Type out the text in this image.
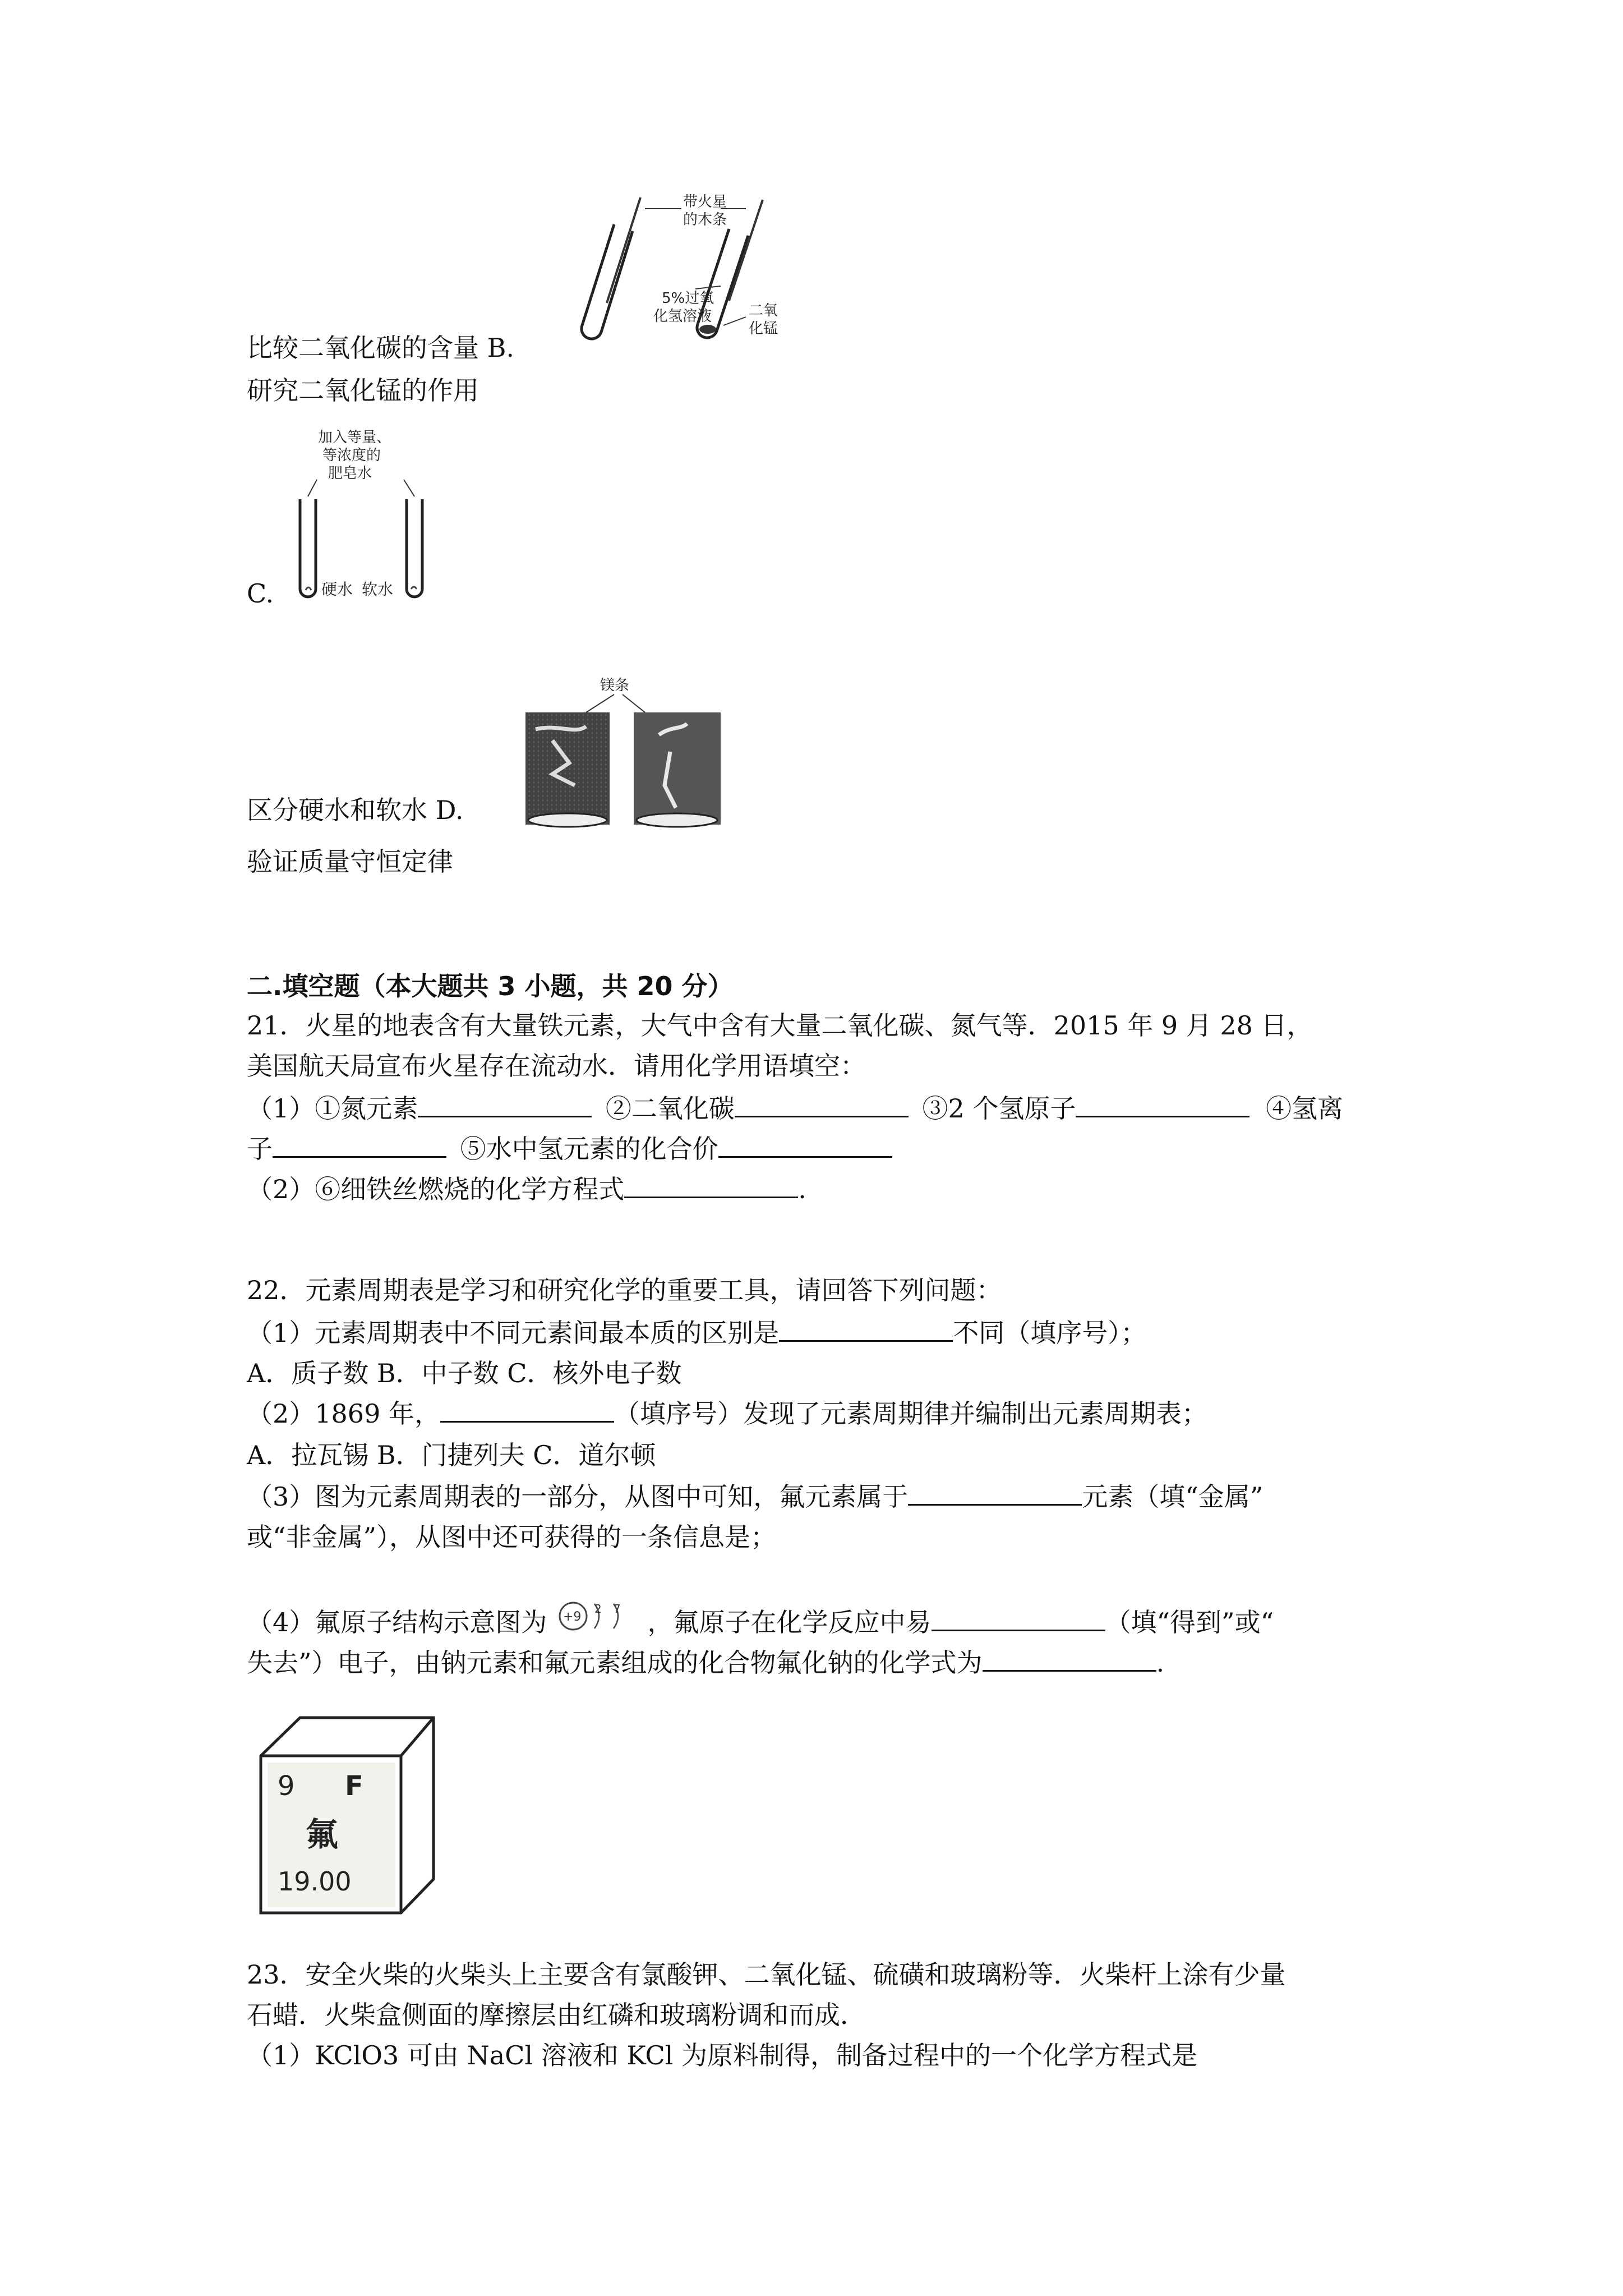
带火星
的木条
5%过氧
化氢溶液	二氧
化锰
比较二氧化碳的含量 B.
研究二氧化锰的作用
加入等量、
等浓度的
肥皂水
硬水 软水
C.
镁条
区分硬水和软水 D.
验证质量守恒定律
二.填空题（本大题共 3 小题，共 20 分）
21．火星的地表含有大量铁元素，大气中含有大量二氧化碳、氮气等．2015 年 9 月 28 日，
美国航天局宣布火星存在流动水．请用化学用语填空：
（1）①氮元素	②二氧化碳	③2 个氢原子	④氢离
子	⑤水中氢元素的化合价
（2）⑥细铁丝燃烧的化学方程式	.
22．元素周期表是学习和研究化学的重要工具，请回答下列问题：
（1）元素周期表中不同元素间最本质的区别是	不同（填序号）；
A．质子数 B．中子数 C．核外电子数
（2）1869 年，	（填序号）发现了元素周期律并编制出元素周期表；
A．拉瓦锡 B．门捷列夫 C．道尔顿
（3）图为元素周期表的一部分，从图中可知，氟元素属于	元素（填“金属”
或“非金属”），从图中还可获得的一条信息是；
（4）氟原子结构示意图为 +9
2 7 ，氟原子在化学反应中易	（填“得到”或“
失去”）电子，由钠元素和氟元素组成的化合物氟化钠的化学式为	.
9 F
氟
19.00
23．安全火柴的火柴头上主要含有氯酸钾、二氧化锰、硫磺和玻璃粉等．火柴杆上涂有少量
石蜡．火柴盒侧面的摩擦层由红磷和玻璃粉调和而成．
（1）KClO3 可由 NaCl 溶液和 KCl 为原料制得，制备过程中的一个化学方程式是
